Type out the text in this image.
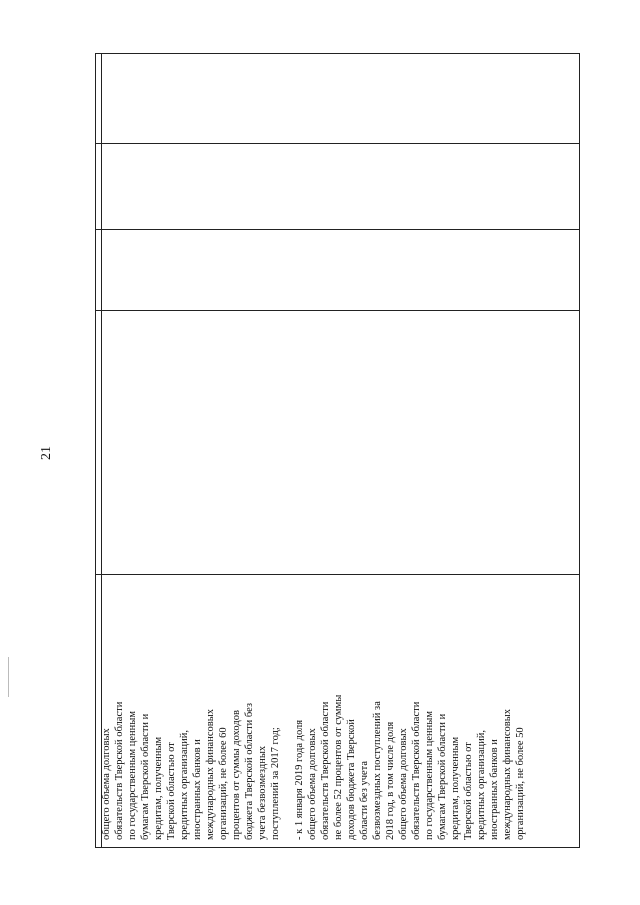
21

общего объема долговых
обязательств Тверской области
по государственным ценным
бумагам Тверской области и
кредитам, полученным
Тверской областью от
кредитных организаций,
иностранных банков и
международных финансовых
организаций, не более 60
процентов от суммы доходов
бюджета Тверской области без
учета безвозмездных
поступлений за 2017 год;

- к 1 января 2019 года доля
общего объема долговых
обязательств Тверской области
не более 52 процентов от суммы
доходов бюджета Тверской
области без учета
безвозмездных поступлений за
2018 год, в том числе доля
общего объема долговых
обязательств Тверской области
по государственным ценным
бумагам Тверской области и
кредитам, полученным
Тверской областью от
кредитных организаций,
иностранных банков и
международных финансовых
организаций, не более 50
